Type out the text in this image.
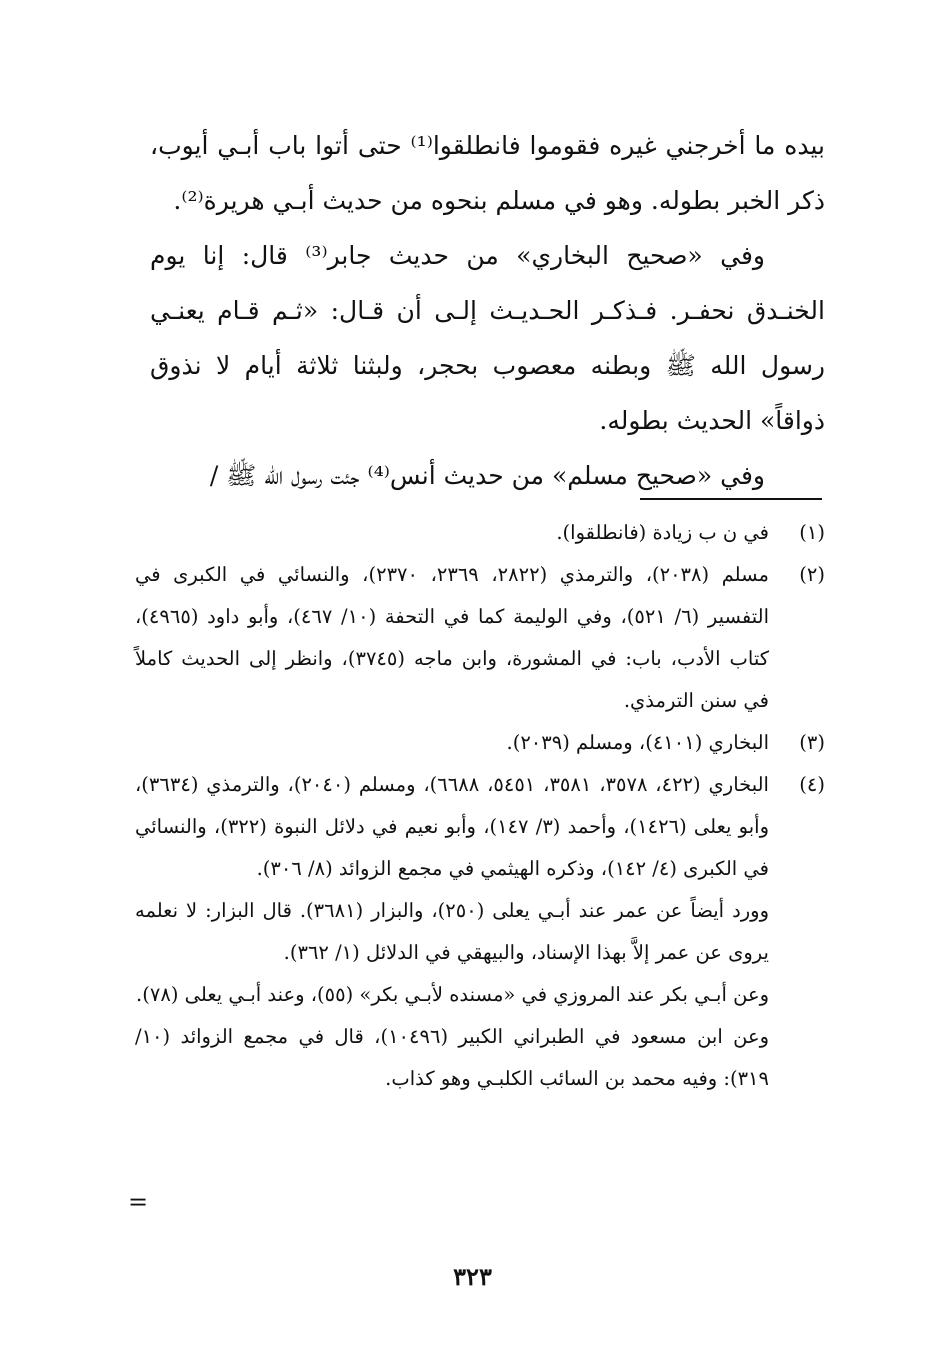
بيده ما أخرجني غيره فقوموا فانطلقوا⁽¹⁾ حتى أتوا باب أبـي أيوب، ذكر الخبر بطوله. وهو في مسلم بنحوه من حديث أبـي هريرة⁽²⁾.

وفي «صحيح البخاري» من حديث جابر⁽³⁾ قال: إنا يوم الخنـدق نحفـر. فـذكـر الحـديـث إلـى أن قـال: «ثـم قـام يعنـي رسول الله ﷺ وبطنه معصوب بحجر، ولبثنا ثلاثة أيام لا نذوق ذواقاً» الحديث بطوله.

وفي «صحيح مسلم» من حديث أنس⁽⁴⁾ جئت رسول الله ﷺ /

(١)
في ن ب زيادة (فانطلقوا).
(٢)
مسلم (٢٠٣٨)، والترمذي (٢٨٢٢، ٢٣٦٩، ٢٣٧٠)، والنسائي في الكبرى في التفسير (٦/ ٥٢١)، وفي الوليمة كما في التحفة (١٠/ ٤٦٧)، وأبو داود (٤٩٦٥)، كتاب الأدب، باب: في المشورة، وابن ماجه (٣٧٤٥)، وانظر إلى الحديث كاملاً في سنن الترمذي.
(٣)
البخاري (٤١٠١)، ومسلم (٢٠٣٩).
(٤)
البخاري (٤٢٢، ٣٥٧٨، ٣٥٨١، ٥٤٥١، ٦٦٨٨)، ومسلم (٢٠٤٠)، والترمذي (٣٦٣٤)، وأبو يعلى (١٤٢٦)، وأحمد (٣/ ١٤٧)، وأبو نعيم في دلائل النبوة (٣٢٢)، والنسائي في الكبرى (٤/ ١٤٢)، وذكره الهيثمي في مجمع الزوائد (٨/ ٣٠٦).

وورد أيضاً عن عمر عند أبـي يعلى (٢٥٠)، والبزار (٣٦٨١). قال البزار: لا نعلمه يروى عن عمر إلاَّ بهذا الإسناد، والبيهقي في الدلائل (١/ ٣٦٢).

وعن أبـي بكر عند المروزي في «مسنده لأبـي بكر» (٥٥)، وعند أبـي يعلى (٧٨).

وعن ابن مسعود في الطبراني الكبير (١٠٤٩٦)، قال في مجمع الزوائد (١٠/ ٣١٩): وفيه محمد بن السائب الكلبـي وهو كذاب.

=
٣٢٣
